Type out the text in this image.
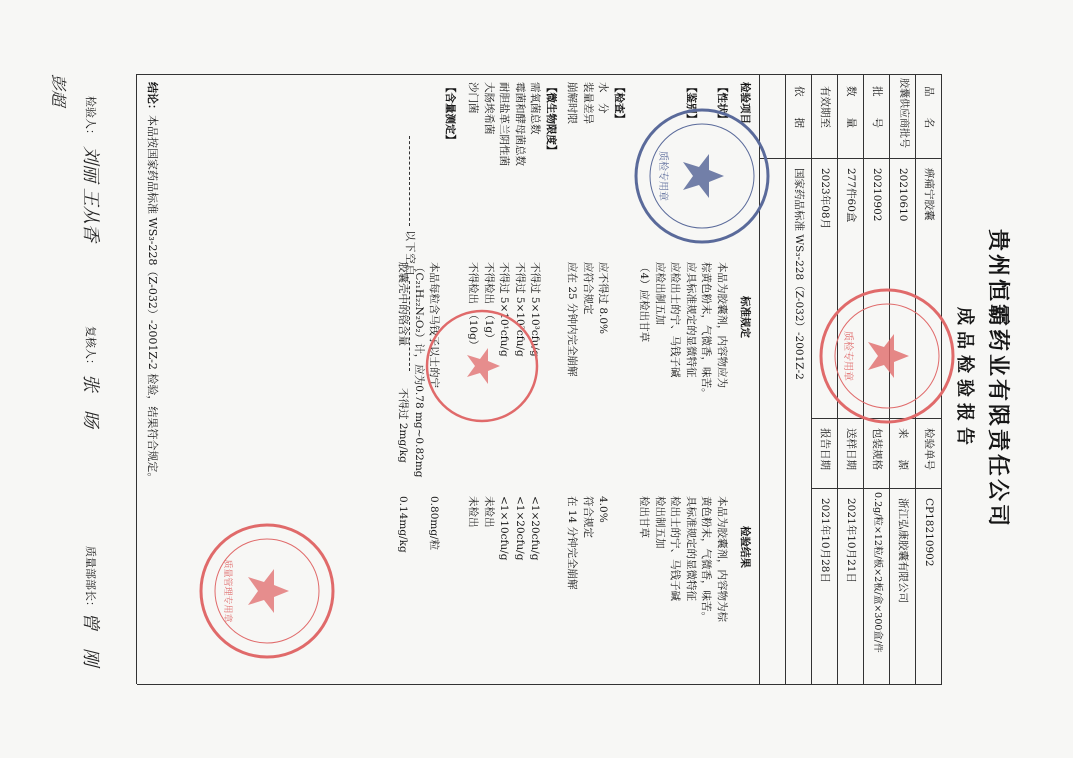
贵州恒霸药业有限责任公司
成品检验报告
品　　名
痹痛宁胶囊
检验单号
CP18210902
胶囊供应商批号
20210610
来　　源
浙江弘康胶囊有限公司
批　　号
20210902
包装规格
0.2g/粒×12粒/板×2板/盒×300盒/件
数　　量
277件60盒
送样日期
2021年10月21日
有效期至
2023年08月
报告日期
2021年10月28日
依　　据
国家药品标准 WS₃-228（Z-032）-2001Z-2
检验项目
标准规定
检验结果
【性状】
本品为胶囊剂，内容物应为
本品为胶囊剂，内容物为棕
棕黄色粉末，气微香，味苦。
黄色粉末，气微香，味苦。
【鉴别】
应具标准规定的显微特征
具标准规定的显微特征
应检出士的宁、马钱子碱
检出士的宁、马钱子碱
应检出制五加
检出制五加
（4）应检出甘草
检出甘草
【检查】
水　分
应不得过 8.0%
4.0%
装量差异
应符合规定
符合规定
崩解时限
应在 25 分钟内完全崩解
在 14 分钟完全崩解
【微生物限度】
需氧菌总数
不得过 5×10³cfu/g
<1×20cfu/g
霉菌和酵母菌总数
不得过 5×10²cfu/g
<1×20cfu/g
耐胆盐革兰阴性菌
不得过 5×10¹cfu/g
<1×10cfu/g
大肠埃希菌
不得检出　（1g）
未检出
沙门菌
不得检出　（10g）
未检出
【含量测定】
本品每粒含马钱子以士的宁
0.80mg/粒
（C₂₁H₂₂N₂O₂）计，应为0.78 mg~0.82mg
胶囊壳中的铬含量　　　　不得过 2mg/kg
0.14mg/kg
以下空白
结论：本品按国家药品标准 WS₃-228（Z-032）-2001Z-2 检验，结果符合规定。
检验人：
刘丽 王从香
彭超
复核人：
张　旸
质量部部长：
曾　刚
质检专用章
质检专用章
质量管理专用章
